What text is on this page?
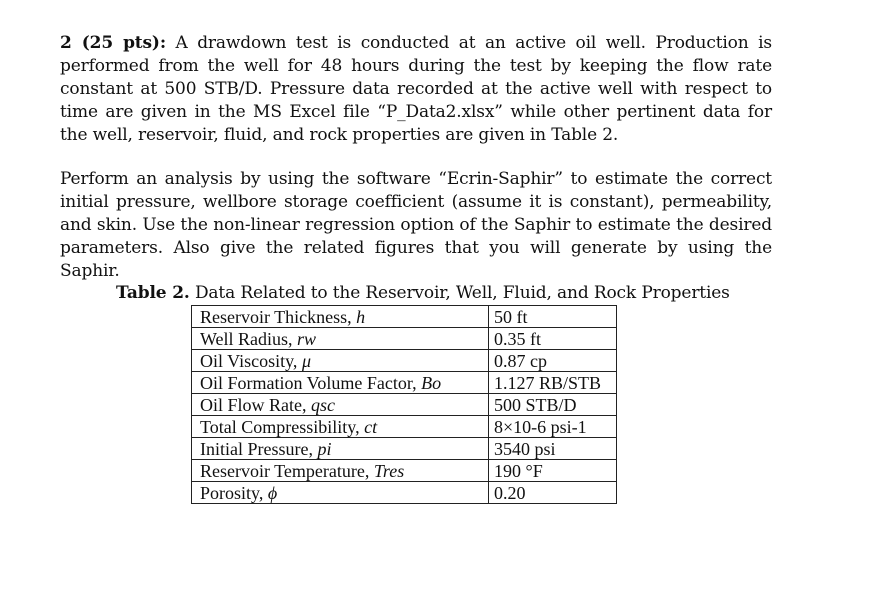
2 (25 pts): A drawdown test is conducted at an active oil well. Production is performed from the well for 48 hours during the test by keeping the flow rate constant at 500 STB/D. Pressure data recorded at the active well with respect to time are given in the MS Excel file “P_Data2.xlsx” while other pertinent data for the well, reservoir, fluid, and rock properties are given in Table 2.

Perform an analysis by using the software “Ecrin-Saphir” to estimate the correct initial pressure, wellbore storage coefficient (assume it is constant), permeability, and skin. Use the non-linear regression option of the Saphir to estimate the desired parameters. Also give the related figures that you will generate by using the Saphir.

Table 2. Data Related to the Reservoir, Well, Fluid, and Rock Properties
Reservoir Thickness, h	50 ft
Well Radius, rw	0.35 ft
Oil Viscosity, μ	0.87 cp
Oil Formation Volume Factor, Bo	1.127 RB/STB
Oil Flow Rate, qsc	500 STB/D
Total Compressibility, ct	8×10-6 psi-1
Initial Pressure, pi	3540 psi
Reservoir Temperature, Tres	190 °F
Porosity, ϕ	0.20
